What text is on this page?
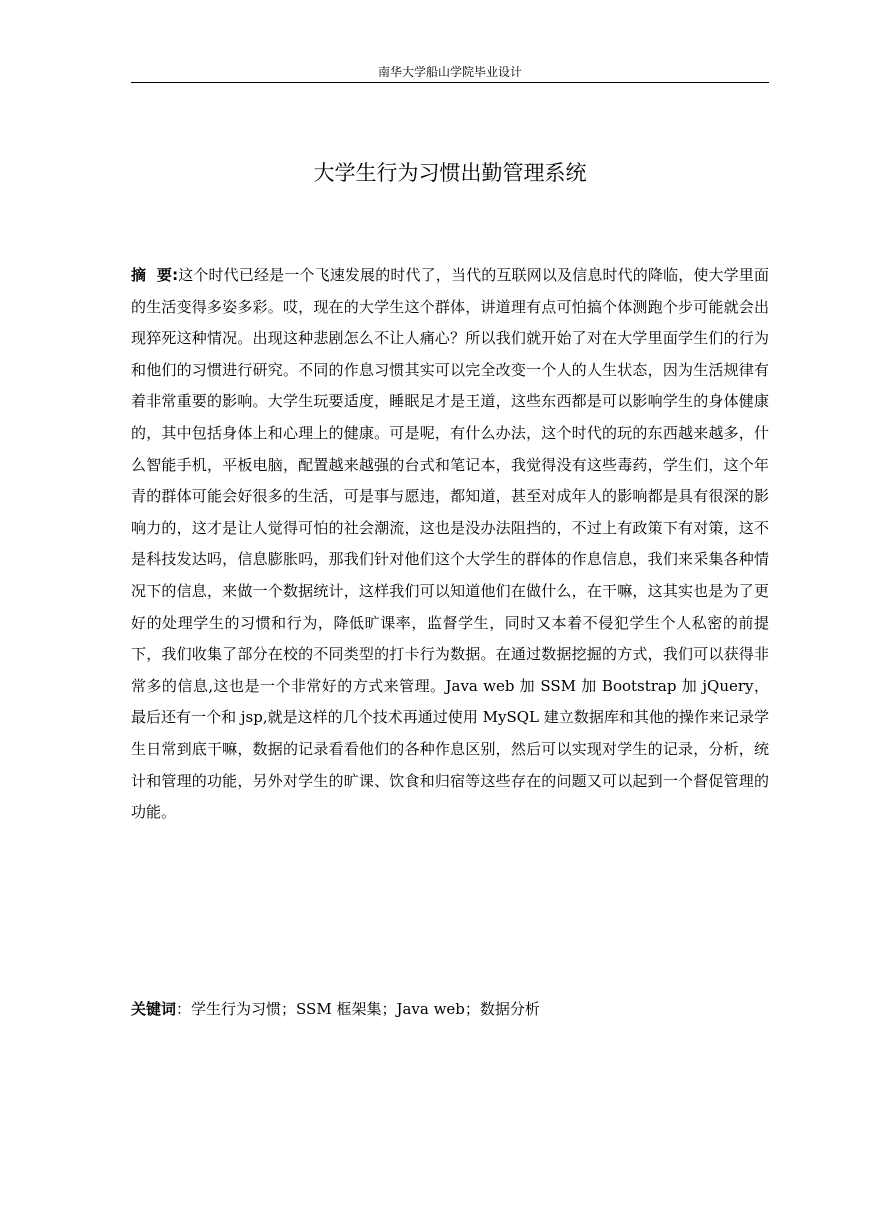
南华大学船山学院毕业设计
大学生行为习惯出勤管理系统

摘  要:这个时代已经是一个飞速发展的时代了，当代的互联网以及信息时代的降临，使大学里面的生活变得多姿多彩。哎，现在的大学生这个群体，讲道理有点可怕搞个体测跑个步可能就会出现猝死这种情况。出现这种悲剧怎么不让人痛心？所以我们就开始了对在大学里面学生们的行为和他们的习惯进行研究。不同的作息习惯其实可以完全改变一个人的人生状态，因为生活规律有着非常重要的影响。大学生玩要适度，睡眠足才是王道，这些东西都是可以影响学生的身体健康的，其中包括身体上和心理上的健康。可是呢，有什么办法，这个时代的玩的东西越来越多，什么智能手机，平板电脑，配置越来越强的台式和笔记本，我觉得没有这些毒药，学生们，这个年青的群体可能会好很多的生活，可是事与愿违，都知道，甚至对成年人的影响都是具有很深的影响力的，这才是让人觉得可怕的社会潮流，这也是没办法阻挡的，不过上有政策下有对策，这不是科技发达吗，信息膨胀吗，那我们针对他们这个大学生的群体的作息信息，我们来采集各种情况下的信息，来做一个数据统计，这样我们可以知道他们在做什么，在干嘛，这其实也是为了更好的处理学生的习惯和行为，降低旷课率，监督学生，同时又本着不侵犯学生个人私密的前提下，我们收集了部分在校的不同类型的打卡行为数据。在通过数据挖掘的方式，我们可以获得非常多的信息,这也是一个非常好的方式来管理。Java web 加 SSM 加 Bootstrap 加 jQuery，最后还有一个和 jsp,就是这样的几个技术再通过使用 MySQL 建立数据库和其他的操作来记录学生日常到底干嘛，数据的记录看看他们的各种作息区别，然后可以实现对学生的记录，分析，统计和管理的功能，另外对学生的旷课、饮食和归宿等这些存在的问题又可以起到一个督促管理的功能。

关键词：学生行为习惯；SSM 框架集；Java web；数据分析
